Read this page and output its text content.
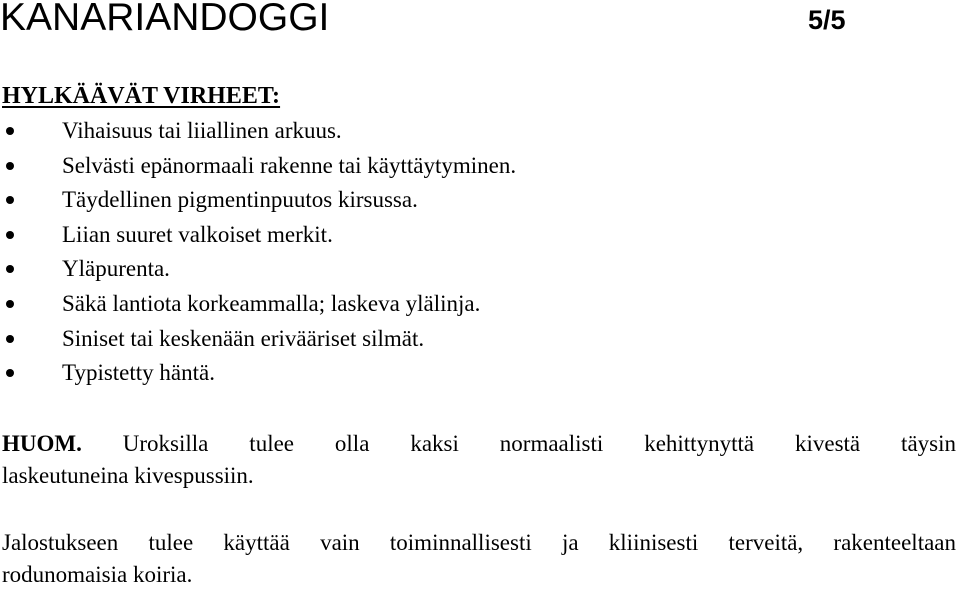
KANARIANDOGGI	5/5
HYLKÄÄVÄT VIRHEET:
Vihaisuus tai liiallinen arkuus.
Selvästi epänormaali rakenne tai käyttäytyminen.
Täydellinen pigmentinpuutos kirsussa.
Liian suuret valkoiset merkit.
Yläpurenta.
Säkä lantiota korkeammalla; laskeva ylälinja.
Siniset tai keskenään erivääriset silmät.
Typistetty häntä.

HUOM. Uroksilla tulee olla kaksi normaalisti kehittynyttä kivestä täysin
laskeutuneina kivespussiin.

Jalostukseen tulee käyttää vain toiminnallisesti ja kliinisesti terveitä, rakenteeltaan
rodunomaisia koiria.
